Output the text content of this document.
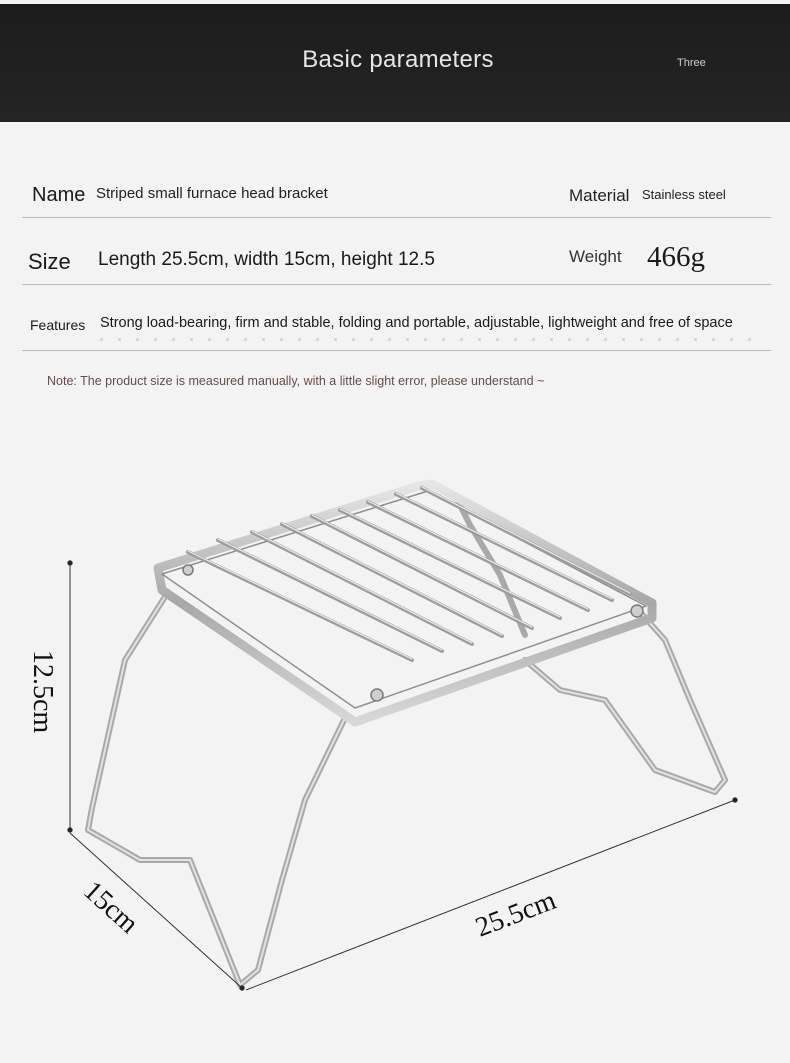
Basic parameters	Three
Name Striped small furnace head bracket	Material Stainless steel
Size Length 25.5cm, width 15cm, height 12.5	Weight 466g
Features Strong load-bearing, firm and stable, folding and portable, adjustable, lightweight and free of space
Note: The product size is measured manually, with a little slight error, please understand ~
12.5cm
15cm	25.5cm
